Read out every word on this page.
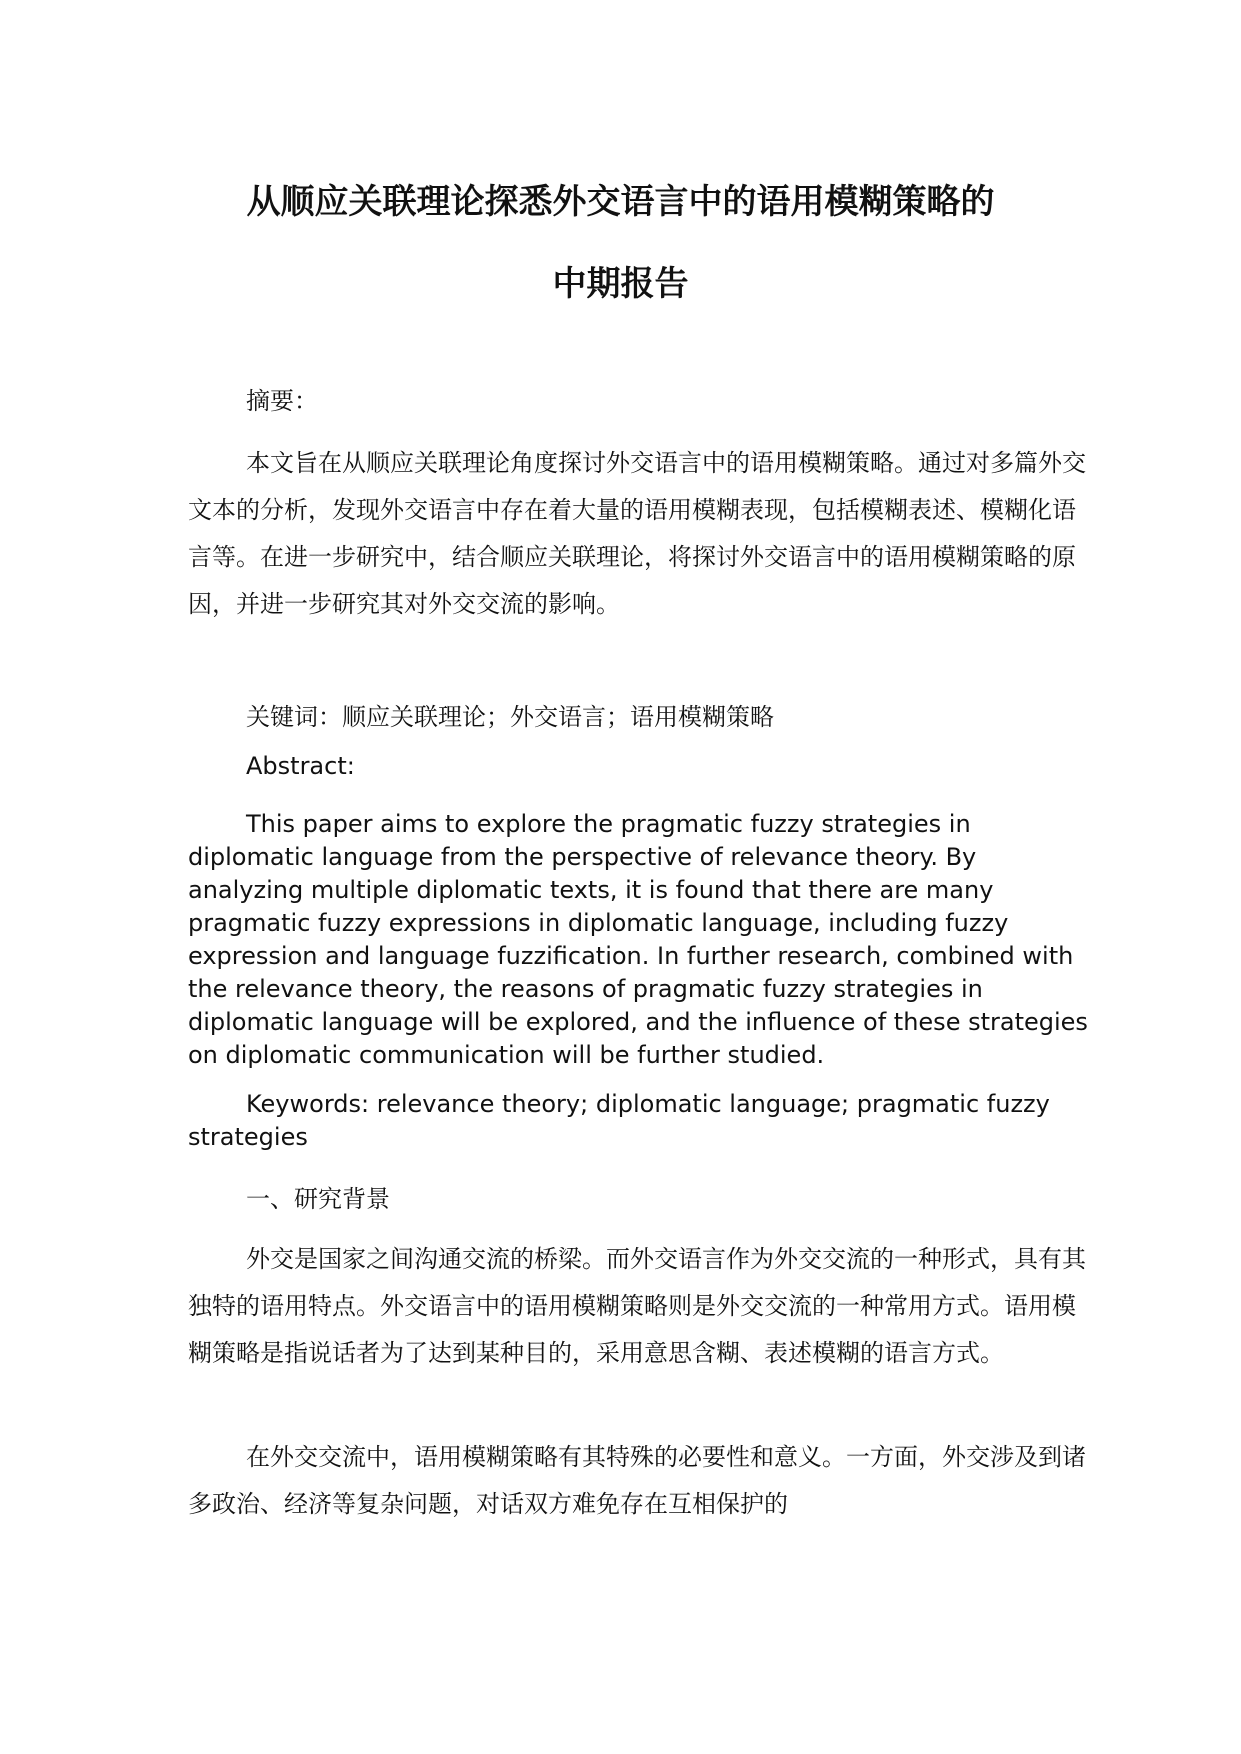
从顺应关联理论探悉外交语言中的语用模糊策略的
中期报告

摘要：

本文旨在从顺应关联理论角度探讨外交语言中的语用模糊策略。通过对多篇外交文本的分析，发现外交语言中存在着大量的语用模糊表现，包括模糊表述、模糊化语言等。在进一步研究中，结合顺应关联理论，将探讨外交语言中的语用模糊策略的原因，并进一步研究其对外交交流的影响。

关键词：顺应关联理论；外交语言；语用模糊策略

Abstract:

This paper aims to explore the pragmatic fuzzy strategies in diplomatic language from the perspective of relevance theory. By analyzing multiple diplomatic texts, it is found that there are many pragmatic fuzzy expressions in diplomatic language, including fuzzy expression and language fuzzification. In further research, combined with the relevance theory, the reasons of pragmatic fuzzy strategies in diplomatic language will be explored, and the influence of these strategies on diplomatic communication will be further studied.

Keywords: relevance theory; diplomatic language; pragmatic fuzzy strategies

一、研究背景

外交是国家之间沟通交流的桥梁。而外交语言作为外交交流的一种形式，具有其独特的语用特点。外交语言中的语用模糊策略则是外交交流的一种常用方式。语用模糊策略是指说话者为了达到某种目的，采用意思含糊、表述模糊的语言方式。

在外交交流中，语用模糊策略有其特殊的必要性和意义。一方面，外交涉及到诸多政治、经济等复杂问题，对话双方难免存在互相保护的
